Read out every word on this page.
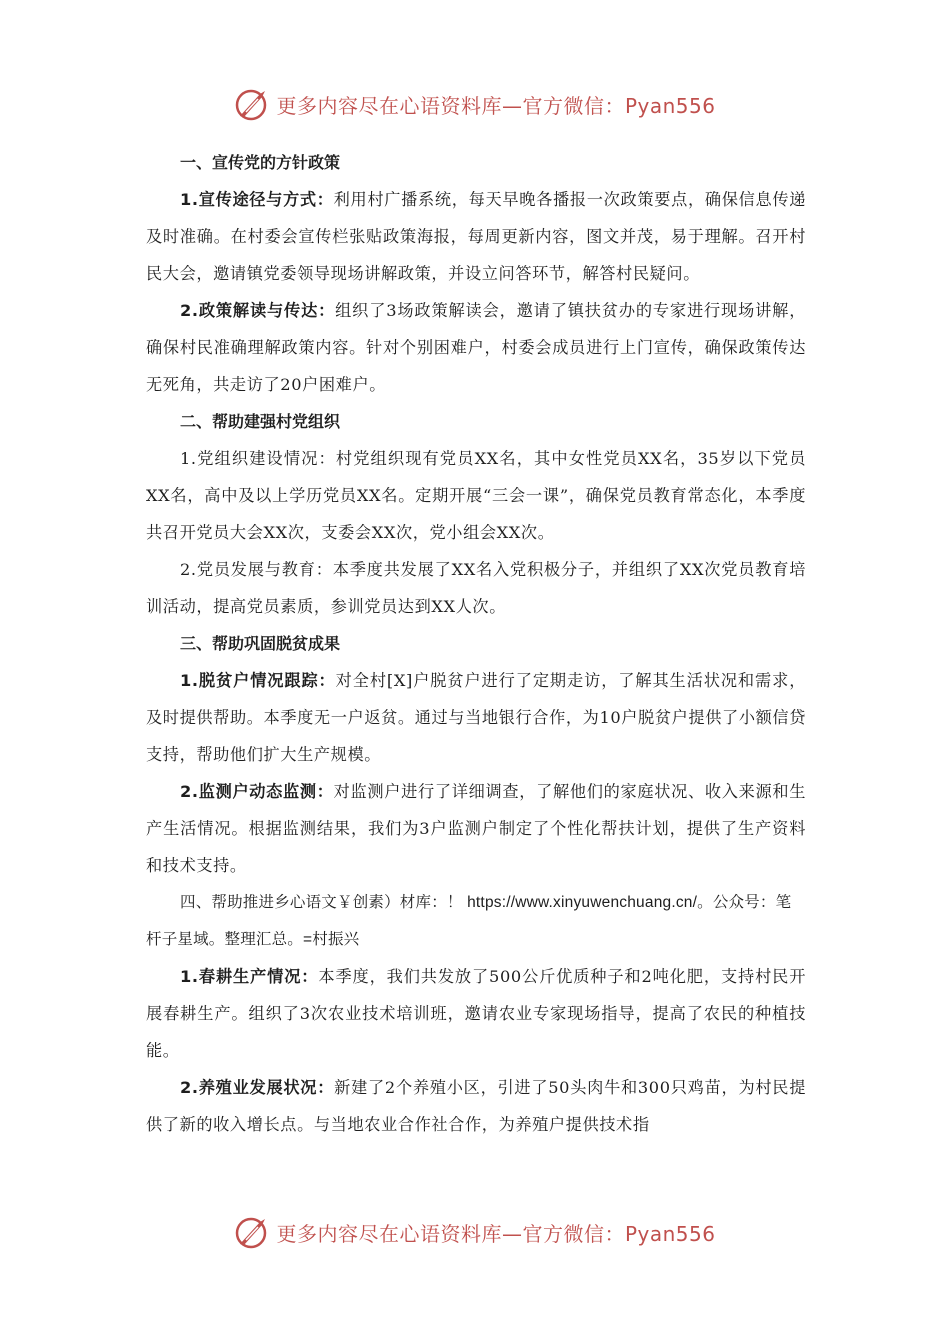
更多内容尽在心语资料库—官方微信：Pyan556
一、宣传党的方针政策

1.宣传途径与方式：利用村广播系统，每天早晚各播报一次政策要点，确保信息传递及时准确。在村委会宣传栏张贴政策海报，每周更新内容，图文并茂，易于理解。召开村民大会，邀请镇党委领导现场讲解政策，并设立问答环节，解答村民疑问。

2.政策解读与传达：组织了3场政策解读会，邀请了镇扶贫办的专家进行现场讲解，确保村民准确理解政策内容。针对个别困难户，村委会成员进行上门宣传，确保政策传达无死角，共走访了20户困难户。

二、帮助建强村党组织

1.党组织建设情况：村党组织现有党员XX名，其中女性党员XX名，35岁以下党员XX名，高中及以上学历党员XX名。定期开展“三会一课”，确保党员教育常态化，本季度共召开党员大会XX次，支委会XX次，党小组会XX次。

2.党员发展与教育：本季度共发展了XX名入党积极分子，并组织了XX次党员教育培训活动，提高党员素质，参训党员达到XX人次。

三、帮助巩固脱贫成果

1.脱贫户情况跟踪：对全村[X]户脱贫户进行了定期走访，了解其生活状况和需求，及时提供帮助。本季度无一户返贫。通过与当地银行合作，为10户脱贫户提供了小额信贷支持，帮助他们扩大生产规模。

2.监测户动态监测：对监测户进行了详细调查，了解他们的家庭状况、收入来源和生产生活情况。根据监测结果，我们为3户监测户制定了个性化帮扶计划，提供了生产资料和技术支持。

四、帮助推进乡心语文￥创素）材库：！ https://www.xinyuwenchuang.cn/。公众号：笔杆子星域。整理汇总。=村振兴

1.春耕生产情况：本季度，我们共发放了500公斤优质种子和2吨化肥，支持村民开展春耕生产。组织了3次农业技术培训班，邀请农业专家现场指导，提高了农民的种植技能。

2.养殖业发展状况：新建了2个养殖小区，引进了50头肉牛和300只鸡苗，为村民提供了新的收入增长点。与当地农业合作社合作，为养殖户提供技术指

更多内容尽在心语资料库—官方微信：Pyan556
